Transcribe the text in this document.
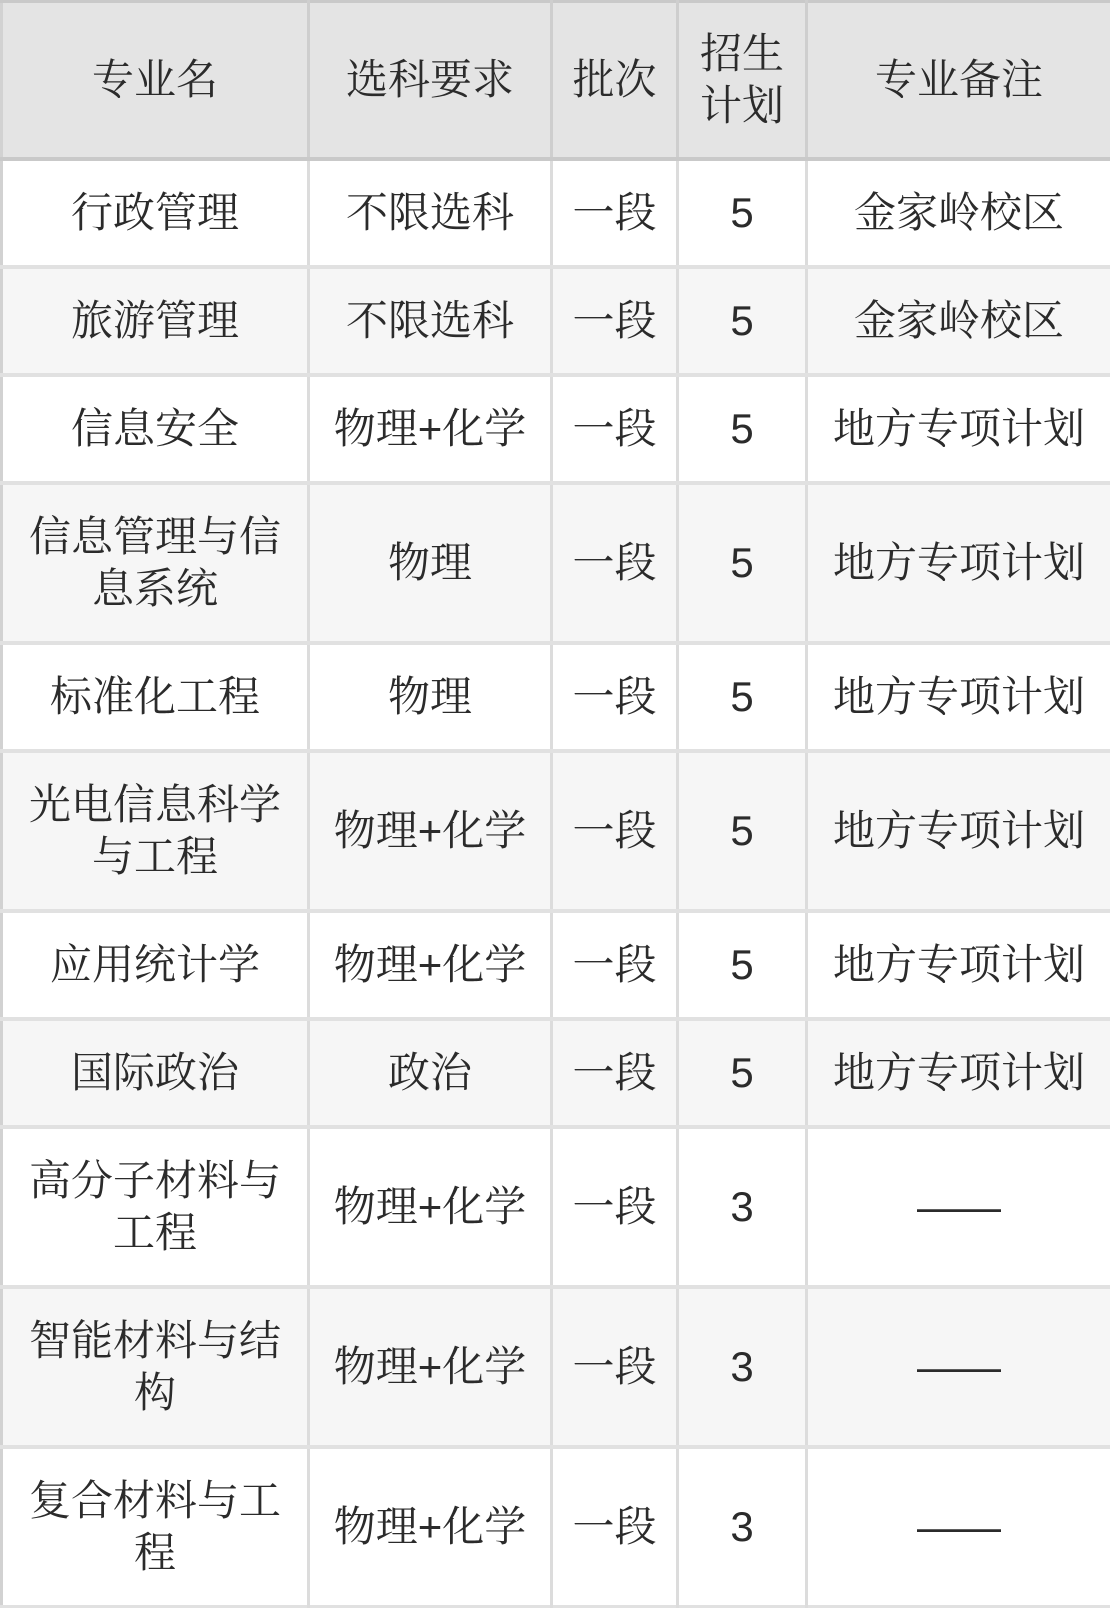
专业名	选科要求	批次	招生计划	专业备注
行政管理	不限选科	一段	5	金家岭校区
旅游管理	不限选科	一段	5	金家岭校区
信息安全	物理+化学	一段	5	地方专项计划
信息管理与信息系统	物理	一段	5	地方专项计划
标准化工程	物理	一段	5	地方专项计划
光电信息科学与工程	物理+化学	一段	5	地方专项计划
应用统计学	物理+化学	一段	5	地方专项计划
国际政治	政治	一段	5	地方专项计划
高分子材料与工程	物理+化学	一段	3	——
智能材料与结构	物理+化学	一段	3	——
复合材料与工程	物理+化学	一段	3	——
